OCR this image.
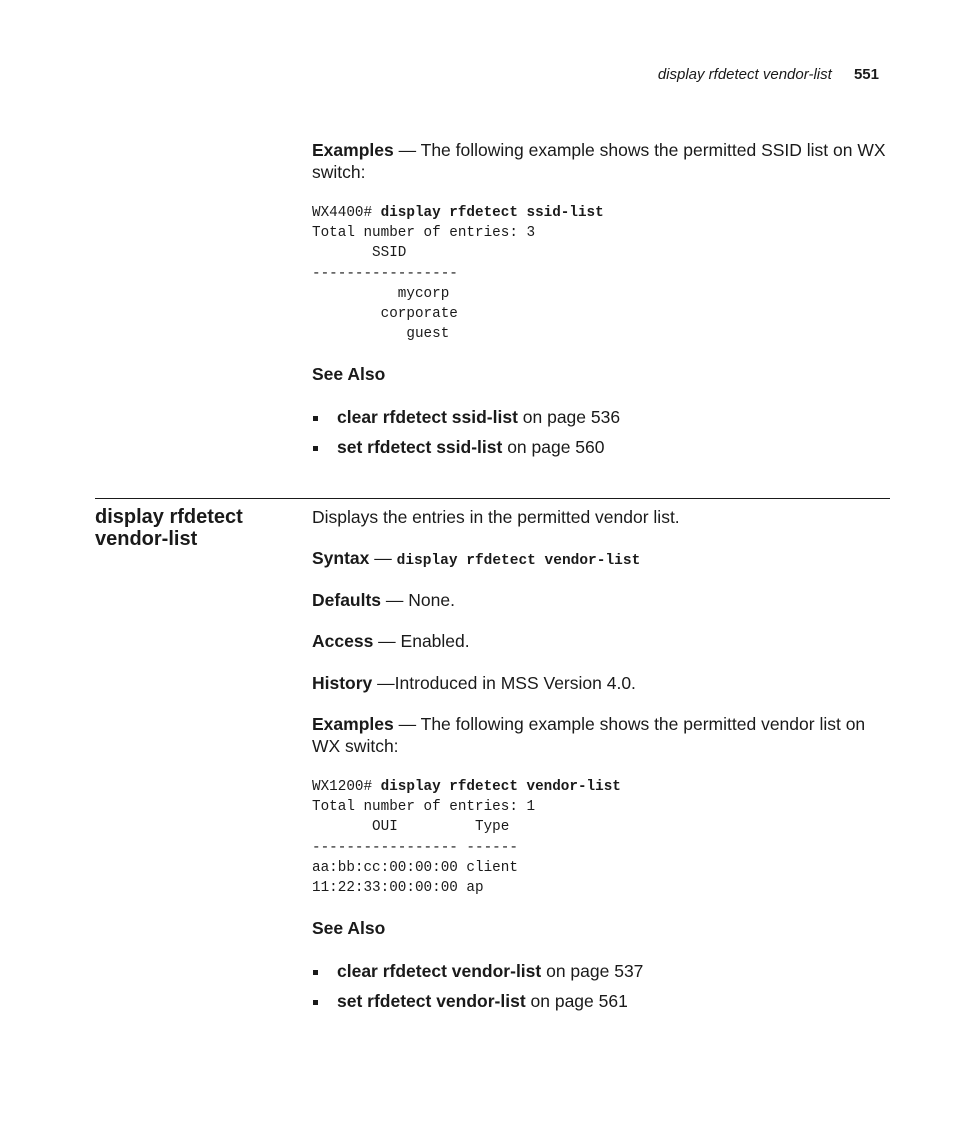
display rfdetect vendor-list 551

Examples — The following example shows the permitted SSID list on WX switch:

WX4400# display rfdetect ssid-list
Total number of entries: 3
SSID
-----------------
mycorp
corporate
guest

See Also

clear rfdetect ssid-list on page 536
set rfdetect ssid-list on page 560
display rfdetect vendor-list

Displays the entries in the permitted vendor list.

Syntax — display rfdetect vendor-list

Defaults — None.

Access — Enabled.

History —Introduced in MSS Version 4.0.

Examples — The following example shows the permitted vendor list on WX switch:

WX1200# display rfdetect vendor-list
Total number of entries: 1
OUI         Type
----------------- ------
aa:bb:cc:00:00:00 client
11:22:33:00:00:00 ap

See Also

clear rfdetect vendor-list on page 537
set rfdetect vendor-list on page 561
